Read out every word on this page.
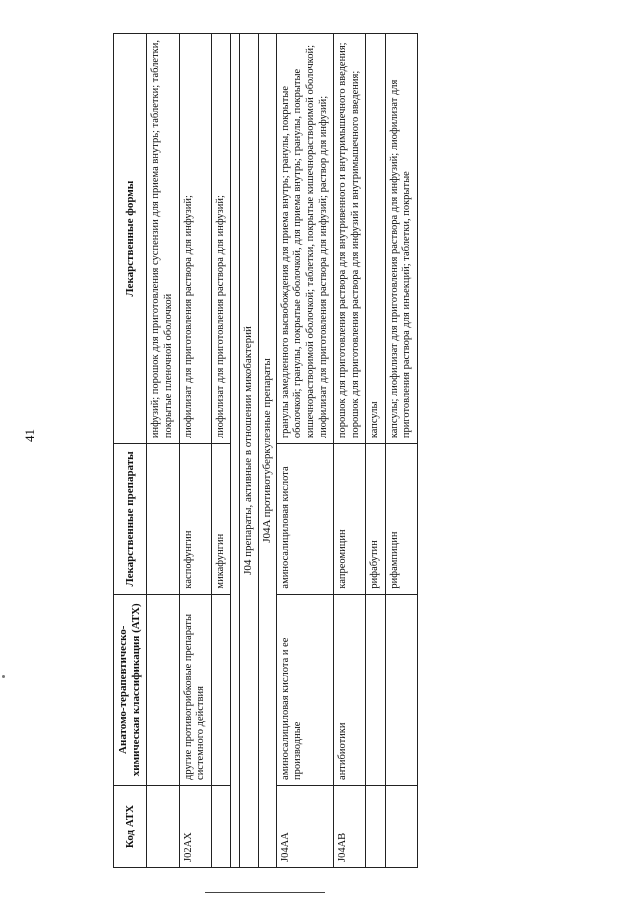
41
Код АТХ	Анатомо-терапевтическо-химическая классификация (АТХ)	Лекарственные препараты	Лекарственные формы
			инфузий; порошок для приготовления суспензии для приема внутрь; таблетки; таблетки, покрытые пленочной оболочкой
J02AX	другие противогрибковые препараты системного действия	каспофунгин	лиофилизат для приготовления раствора для инфузий;
		микафунгин	лиофилизат для приготовления раствора для инфузий;

J04 препараты, активные в отношении микобактерий			
J04A противотуберкулезные препараты			
J04AA	аминосалициловая кислота и ее производные	аминосалициловая кислота	гранулы замедленного высвобождения для приема внутрь; гранулы, покрытые оболочкой; гранулы, покрытые оболочкой, для приема внутрь; гранулы, покрытые кишечнорастворимой оболочкой; таблетки, покрытые кишечнорастворимой оболочкой; лиофилизат для приготовления раствора для инфузий; раствор для инфузий;
J04AB	антибиотики	капреомицин	порошок для приготовления раствора для внутривенного и внутримышечного введения; порошок для приготовления раствора для инфузий и внутримышечного введения;
		рифабутин	капсулы
		рифампицин	капсулы; лиофилизат для приготовления раствора для инфузий; лиофилизат для приготовления раствора для инъекций; таблетки, покрытые
